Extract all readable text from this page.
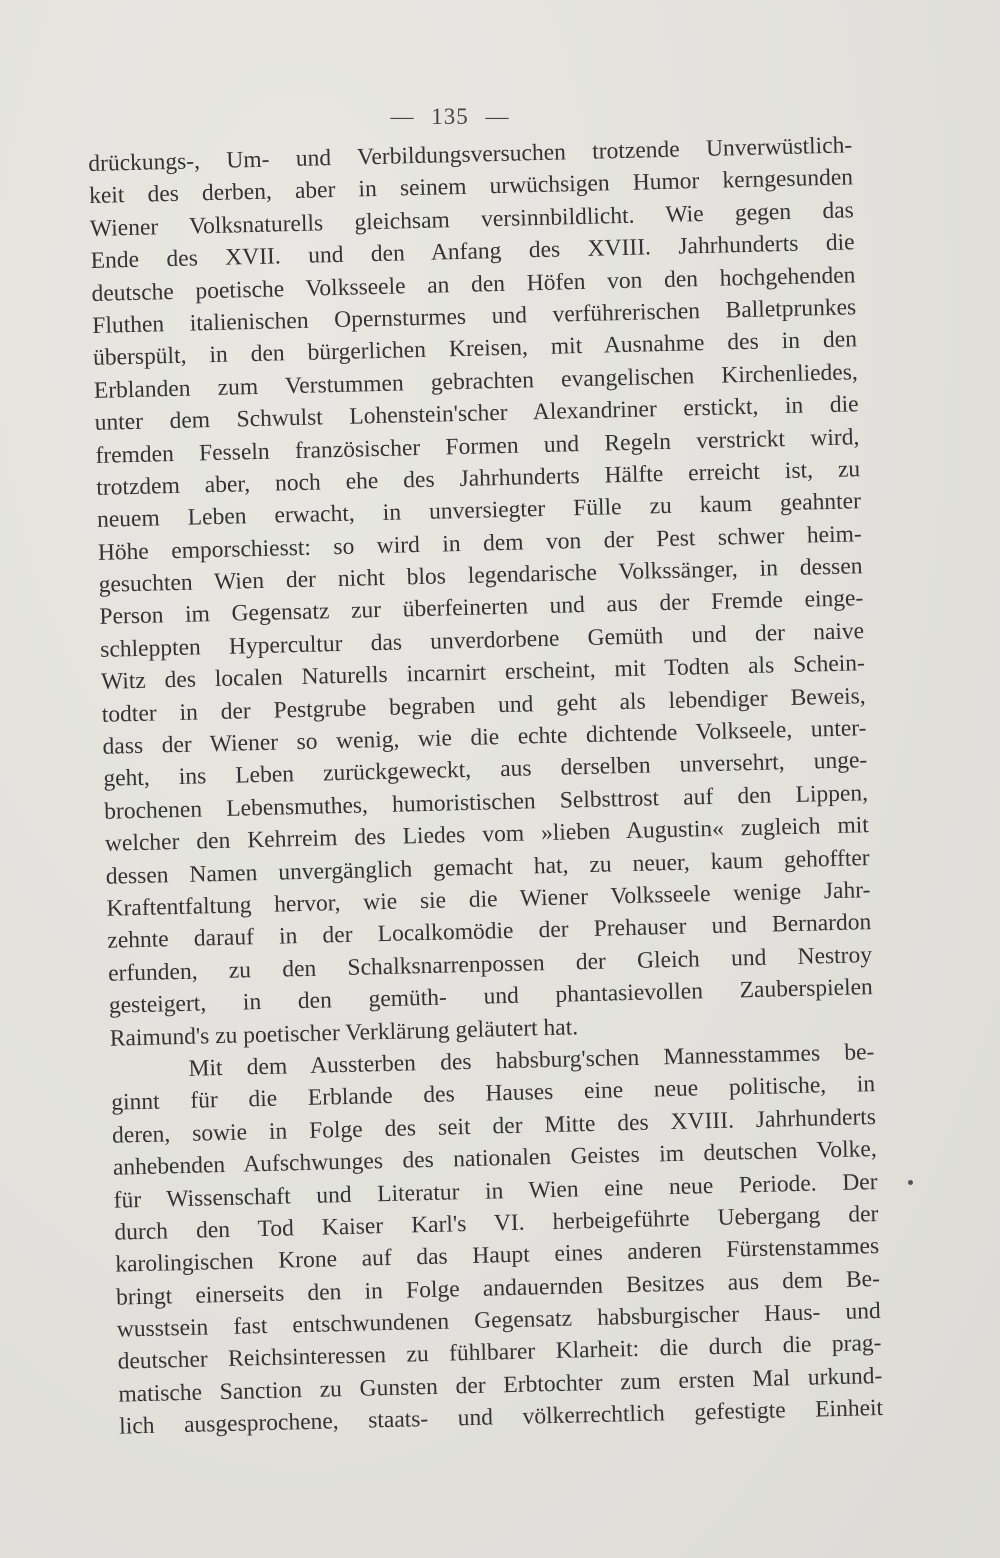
— 135 —
drückungs-, Um- und Verbildungsversuchen trotzende Unverwüstlich-
keit des derben, aber in seinem urwüchsigen Humor kerngesunden
Wiener Volksnaturells gleichsam versinnbildlicht. Wie gegen das
Ende des XVII. und den Anfang des XVIII. Jahrhunderts die
deutsche poetische Volksseele an den Höfen von den hochgehenden
Fluthen italienischen Opernsturmes und verführerischen Balletprunkes
überspült, in den bürgerlichen Kreisen, mit Ausnahme des in den
Erblanden zum Verstummen gebrachten evangelischen Kirchenliedes,
unter dem Schwulst Lohenstein'scher Alexandriner erstickt, in die
fremden Fesseln französischer Formen und Regeln verstrickt wird,
trotzdem aber, noch ehe des Jahrhunderts Hälfte erreicht ist, zu
neuem Leben erwacht, in unversiegter Fülle zu kaum geahnter
Höhe emporschiesst: so wird in dem von der Pest schwer heim-
gesuchten Wien der nicht blos legendarische Volkssänger, in dessen
Person im Gegensatz zur überfeinerten und aus der Fremde einge-
schleppten Hypercultur das unverdorbene Gemüth und der naive
Witz des localen Naturells incarnirt erscheint, mit Todten als Schein-
todter in der Pestgrube begraben und geht als lebendiger Beweis,
dass der Wiener so wenig, wie die echte dichtende Volkseele, unter-
geht, ins Leben zurückgeweckt, aus derselben unversehrt, unge-
brochenen Lebensmuthes, humoristischen Selbsttrost auf den Lippen,
welcher den Kehrreim des Liedes vom »lieben Augustin« zugleich mit
dessen Namen unvergänglich gemacht hat, zu neuer, kaum gehoffter
Kraftentfaltung hervor, wie sie die Wiener Volksseele wenige Jahr-
zehnte darauf in der Localkomödie der Prehauser und Bernardon
erfunden, zu den Schalksnarrenpossen der Gleich und Nestroy
gesteigert, in den gemüth- und phantasievollen Zauberspielen
Raimund's zu poetischer Verklärung geläutert hat.
Mit dem Aussterben des habsburg'schen Mannesstammes be-
ginnt für die Erblande des Hauses eine neue politische, in
deren, sowie in Folge des seit der Mitte des XVIII. Jahrhunderts
anhebenden Aufschwunges des nationalen Geistes im deutschen Volke,
für Wissenschaft und Literatur in Wien eine neue Periode. Der
durch den Tod Kaiser Karl's VI. herbeigeführte Uebergang der
karolingischen Krone auf das Haupt eines anderen Fürstenstammes
bringt einerseits den in Folge andauernden Besitzes aus dem Be-
wusstsein fast entschwundenen Gegensatz habsburgischer Haus- und
deutscher Reichsinteressen zu fühlbarer Klarheit: die durch die prag-
matische Sanction zu Gunsten der Erbtochter zum ersten Mal urkund-
lich ausgesprochene, staats- und völkerrechtlich gefestigte Einheit
